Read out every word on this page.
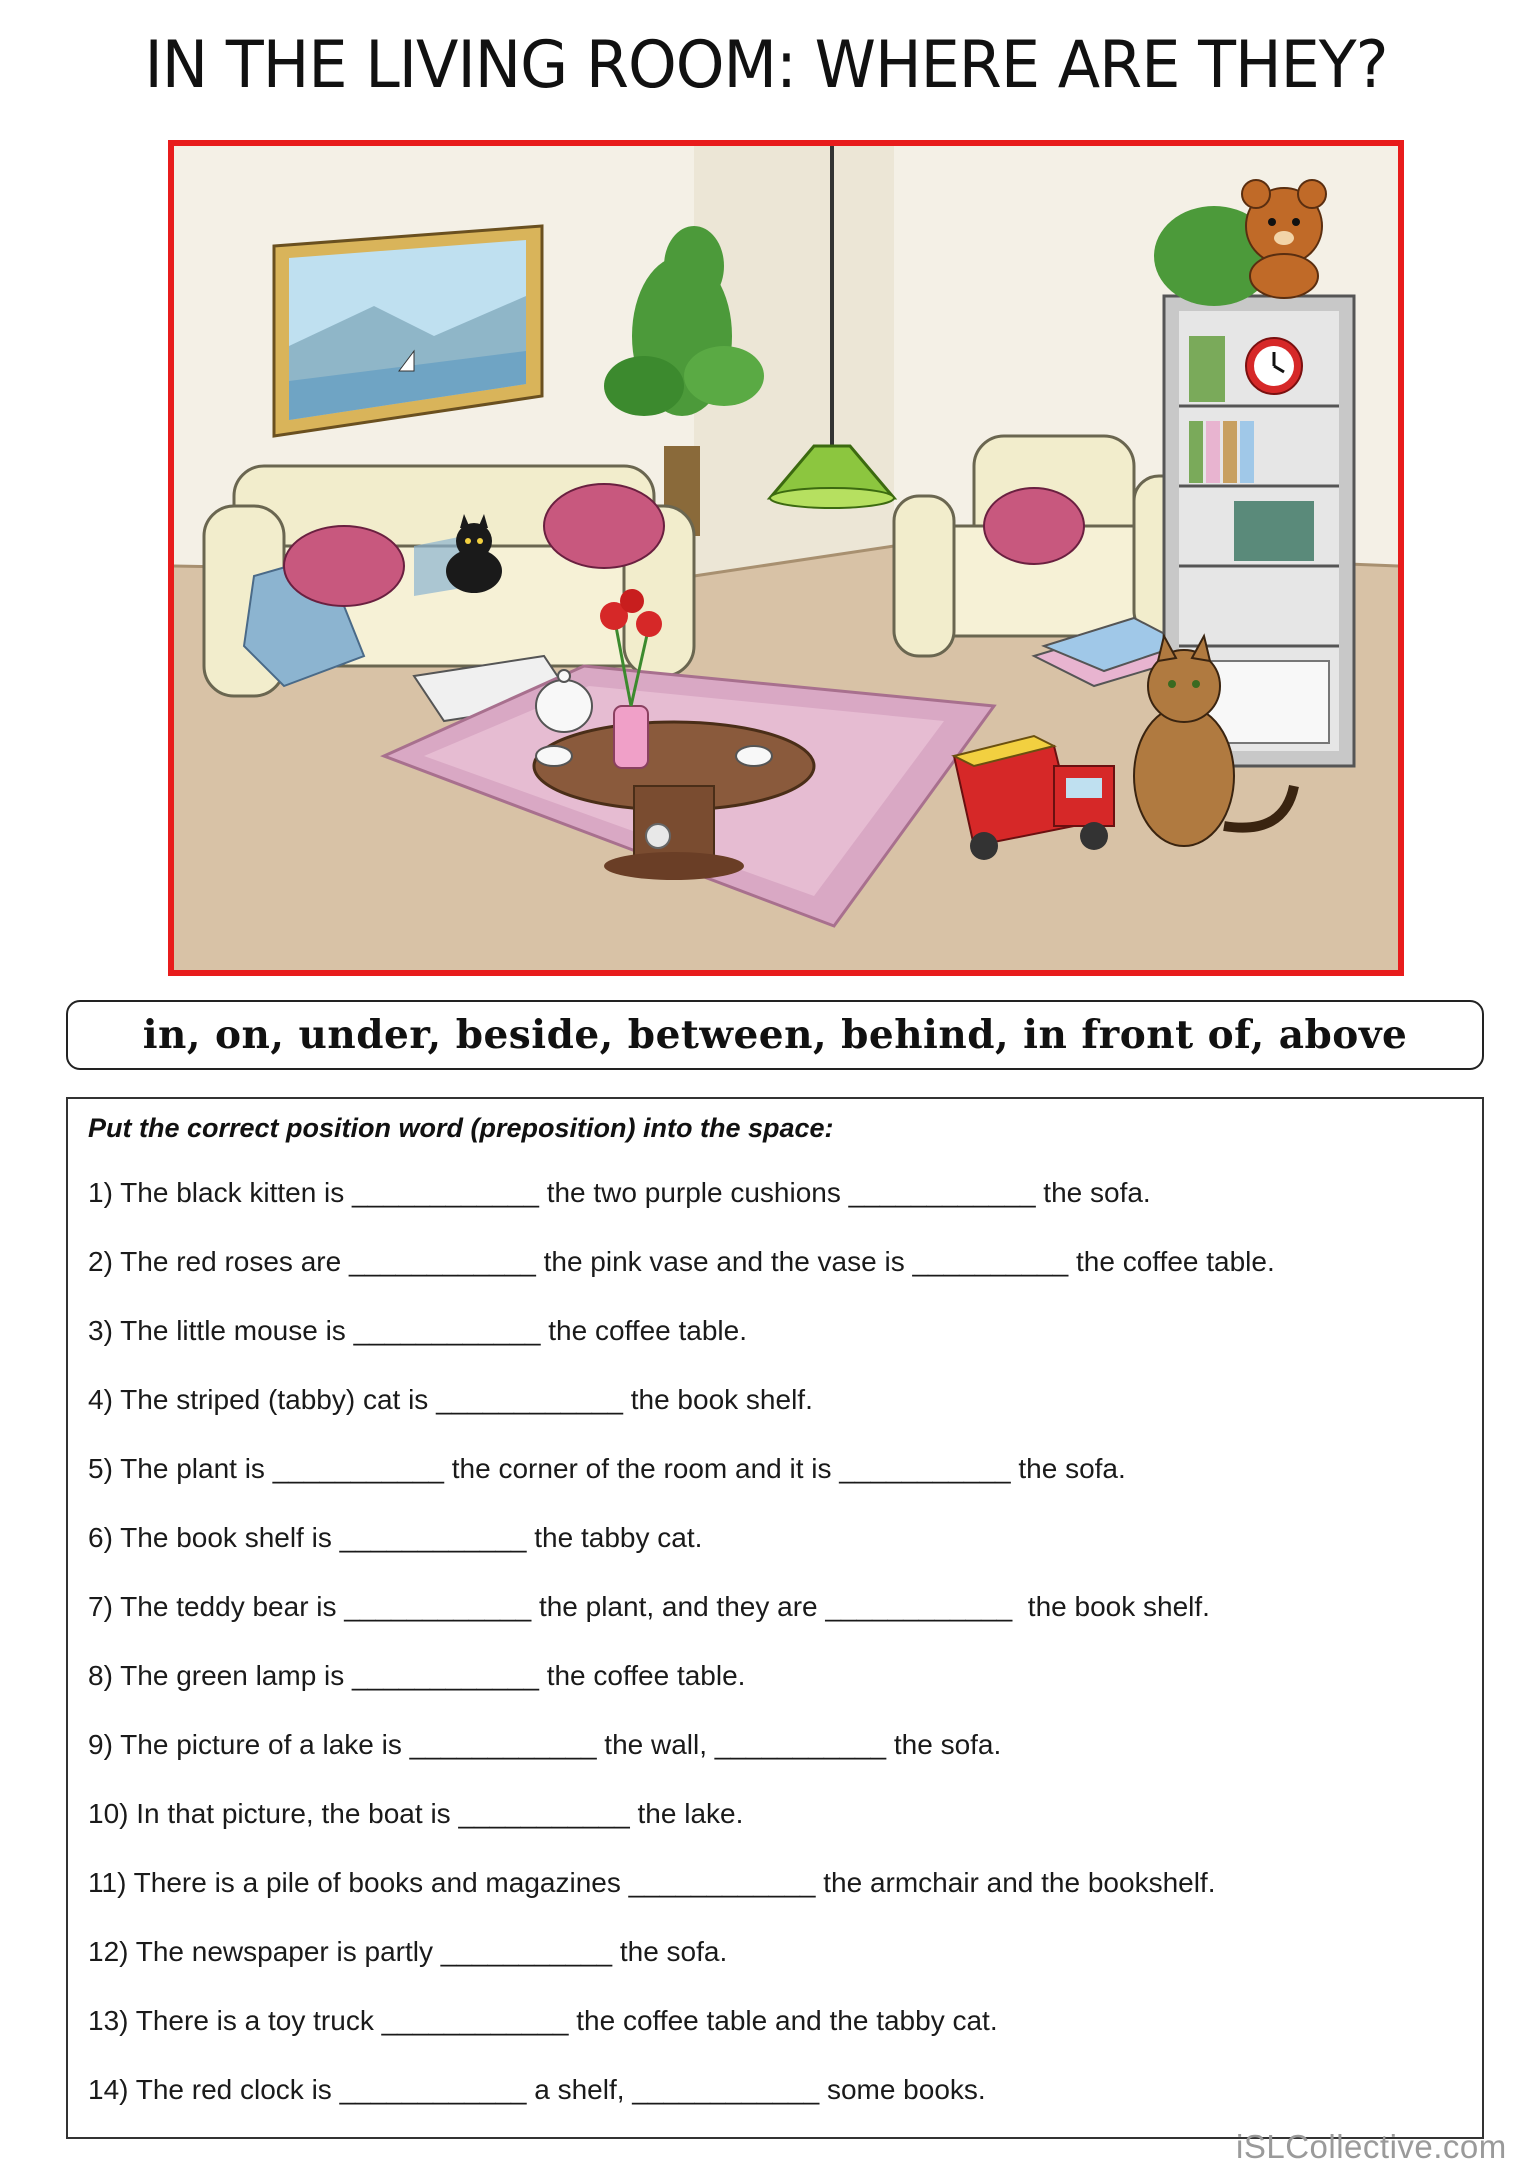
IN THE LIVING ROOM: WHERE ARE THEY?
in, on, under, beside, between, behind, in front of, above
Put the correct position word (preposition) into the space:
1) The black kitten is ____________ the two purple cushions ____________ the sofa.
2) The red roses are ____________ the pink vase and the vase is __________ the coffee table.
3) The little mouse is ____________ the coffee table.
4) The striped (tabby) cat is ____________ the book shelf.
5) The plant is ___________ the corner of the room and it is ___________ the sofa.
6) The book shelf is ____________ the tabby cat.
7) The teddy bear is ____________ the plant, and they are ____________  the book shelf.
8) The green lamp is ____________ the coffee table.
9) The picture of a lake is ____________ the wall, ___________ the sofa.
10) In that picture, the boat is ___________ the lake.
11) There is a pile of books and magazines ____________ the armchair and the bookshelf.
12) The newspaper is partly ___________ the sofa.
13) There is a toy truck ____________ the coffee table and the tabby cat.
14) The red clock is ____________ a shelf, ____________ some books.
iSLCollective.com
